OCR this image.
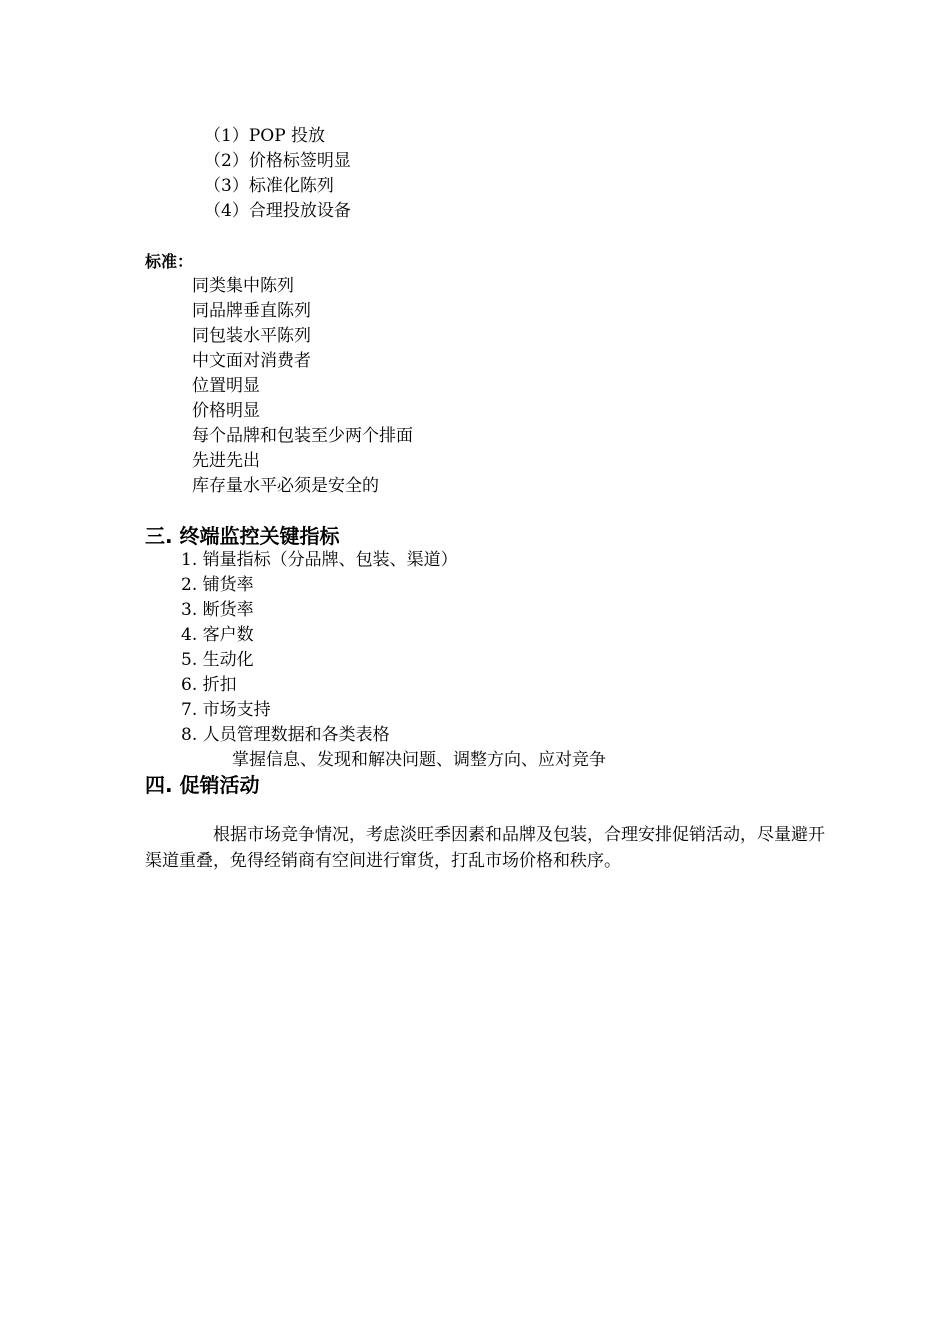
（1）POP 投放
（2）价格标签明显
（3）标准化陈列
（4）合理投放设备
标准：
同类集中陈列
同品牌垂直陈列
同包装水平陈列
中文面对消费者
位置明显
价格明显
每个品牌和包装至少两个排面
先进先出
库存量水平必须是安全的
三. 终端监控关键指标
1. 销量指标（分品牌、包装、渠道）
2. 铺货率
3. 断货率
4. 客户数
5. 生动化
6. 折扣
7. 市场支持
8. 人员管理数据和各类表格
掌握信息、发现和解决问题、调整方向、应对竞争
四. 促销活动
根据市场竞争情况，考虑淡旺季因素和品牌及包装，合理安排促销活动，尽量避开渠道重叠，免得经销商有空间进行窜货，打乱市场价格和秩序。
